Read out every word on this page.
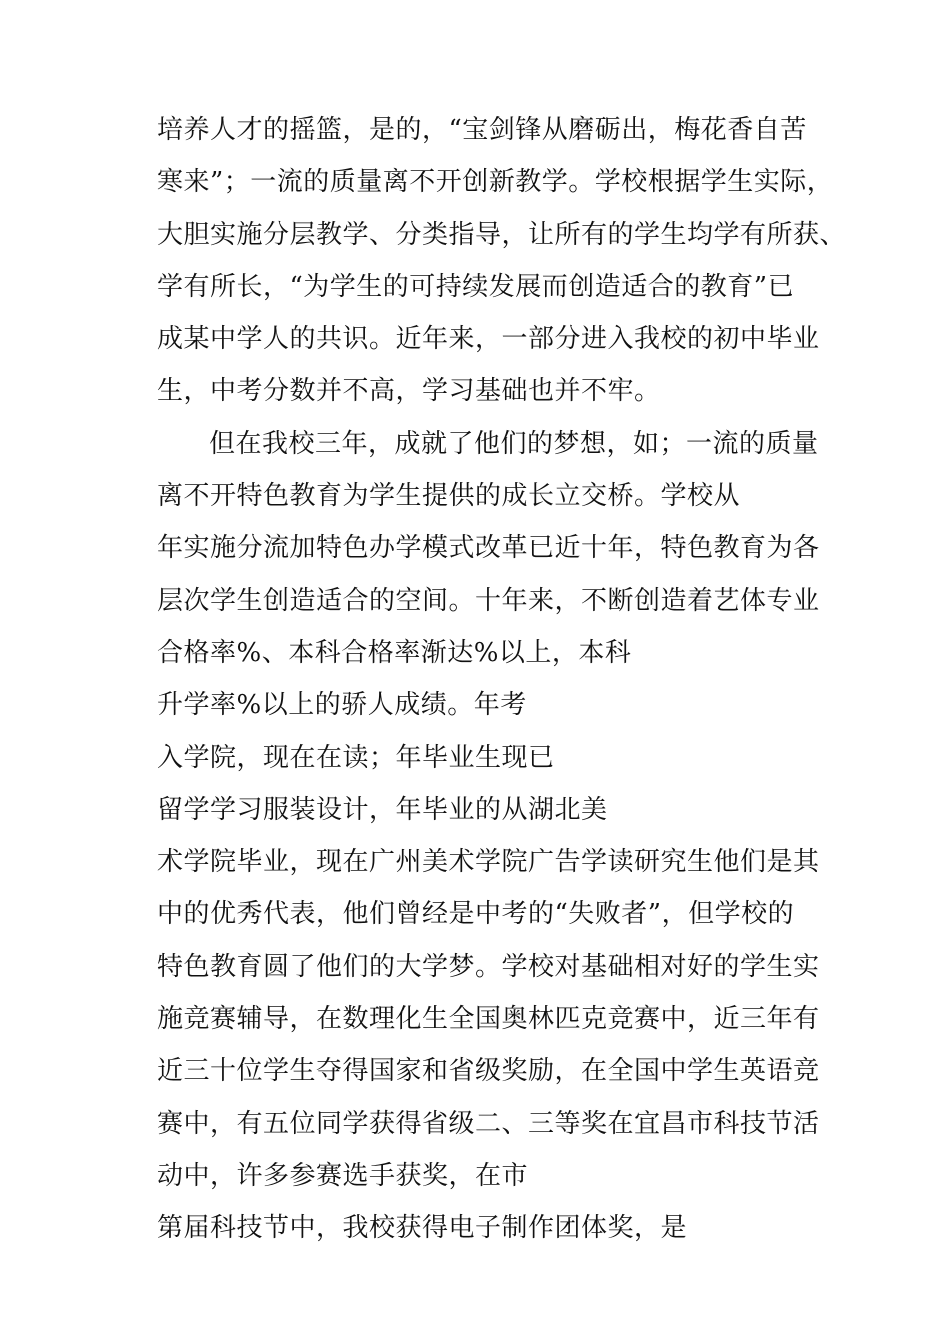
培养人才的摇篮，是的，“宝剑锋从磨砺出，梅花香自苦
寒来”；一流的质量离不开创新教学。学校根据学生实际，
大胆实施分层教学、分类指导，让所有的学生均学有所获、
学有所长，“为学生的可持续发展而创造适合的教育”已
成某中学人的共识。近年来，一部分进入我校的初中毕业
生，中考分数并不高，学习基础也并不牢。
但在我校三年，成就了他们的梦想，如；一流的质量
离不开特色教育为学生提供的成长立交桥。学校从
年实施分流加特色办学模式改革已近十年，特色教育为各
层次学生创造适合的空间。十年来，不断创造着艺体专业
合格率%、本科合格率渐达%以上，本科
升学率%以上的骄人成绩。年考
入学院，现在在读；年毕业生现已
留学学习服装设计，年毕业的从湖北美
术学院毕业，现在广州美术学院广告学读研究生他们是其
中的优秀代表，他们曾经是中考的“失败者”，但学校的
特色教育圆了他们的大学梦。学校对基础相对好的学生实
施竞赛辅导，在数理化生全国奥林匹克竞赛中，近三年有
近三十位学生夺得国家和省级奖励，在全国中学生英语竞
赛中，有五位同学获得省级二、三等奖在宜昌市科技节活
动中，许多参赛选手获奖，在市
第届科技节中，我校获得电子制作团体奖，是
